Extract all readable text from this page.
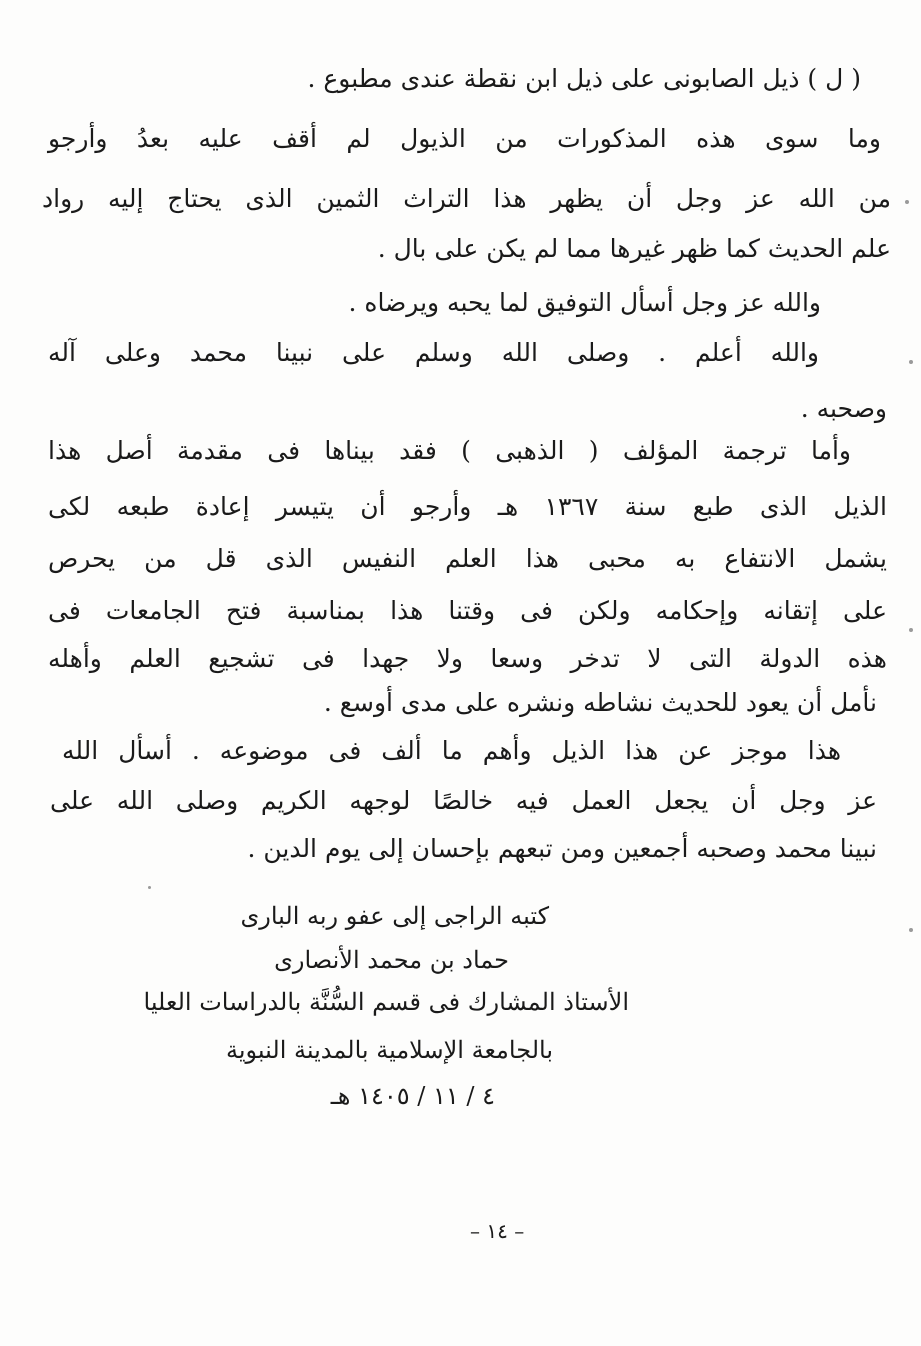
( ل ) ذيل الصابونى على ذيل ابن نقطة عندى مطبوع .
وما سوى هذه المذكورات من الذيول لم أقف عليه بعدُ وأرجو
من الله عز وجل أن يظهر هذا التراث الثمين الذى يحتاج إليه رواد
علم الحديث كما ظهر غيرها مما لم يكن على بال .
والله عز وجل أسأل التوفيق لما يحبه ويرضاه .
والله أعلم . وصلى الله وسلم على نبينا محمد وعلى آله
وصحبه .
وأما ترجمة المؤلف ( الذهبى ) فقد بيناها فى مقدمة أصل هذا
الذيل الذى طبع سنة ١٣٦٧ هـ وأرجو أن يتيسر إعادة طبعه لكى
يشمل الانتفاع به محبى هذا العلم النفيس الذى قل من يحرص
على إتقانه وإحكامه ولكن فى وقتنا هذا بمناسبة فتح الجامعات فى
هذه الدولة التى لا تدخر وسعا ولا جهدا فى تشجيع العلم وأهله
نأمل أن يعود للحديث نشاطه ونشره على مدى أوسع .
هذا موجز عن هذا الذيل وأهم ما ألف فى موضوعه . أسأل الله
عز وجل أن يجعل العمل فيه خالصًا لوجهه الكريم وصلى الله على
نبينا محمد وصحبه أجمعين ومن تبعهم بإحسان إلى يوم الدين .
كتبه الراجى إلى عفو ربه البارى
حماد بن محمد الأنصارى
الأستاذ المشارك فى قسم السُّنَّة بالدراسات العليا
بالجامعة الإسلامية بالمدينة النبوية
٤ / ١١ / ١٤٠٥ هـ
– ١٤ –
